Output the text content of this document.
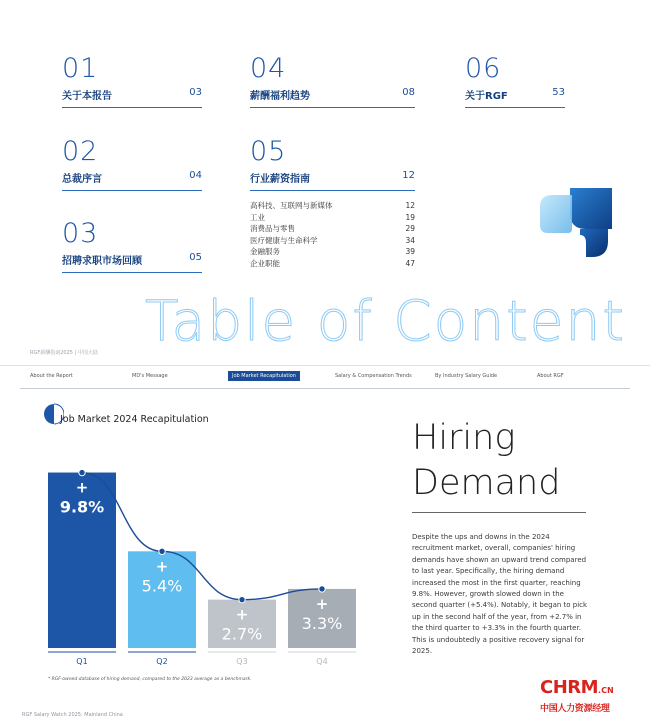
Table of Content
01
关于本报告	03
02
总裁序言	04
03
招聘求职市场回顾	05
04
薪酬福利趋势	08
05
行业薪资指南	12
06
关于RGF	53
高科技、互联网与新媒体	12
工业	19
消费品与零售	29
医疗健康与生命科学	34
金融服务	39
企业职能	47
RGF薪酬指南2025 | 中国大陆
About the Report	MD's Message	Job Market Recapitulation	Salary & Compensation Trends	By Industry Salary Guide	About RGF
Job Market 2024 Recapitulation
+
9.8%
+
5.4%
+
2.7%
+
3.3%
Q1	Q2	Q3	Q4
* RGF-owned database of hiring demand, compared to the 2023 average as a benchmark.
Hiring
Demand
Despite the ups and downs in the 2024 recruitment market, overall, companies' hiring demands have shown an upward trend compared to last year. Specifically, the hiring demand increased the most in the first quarter, reaching 9.8%. However, growth slowed down in the second quarter (+5.4%). Notably, it began to pick up in the second half of the year, from +2.7% in the third quarter to +3.3% in the fourth quarter. This is undoubtedly a positive recovery signal for 2025.
RGF Salary Watch 2025: Mainland China
CHRM.CN
中国人力资源经理
